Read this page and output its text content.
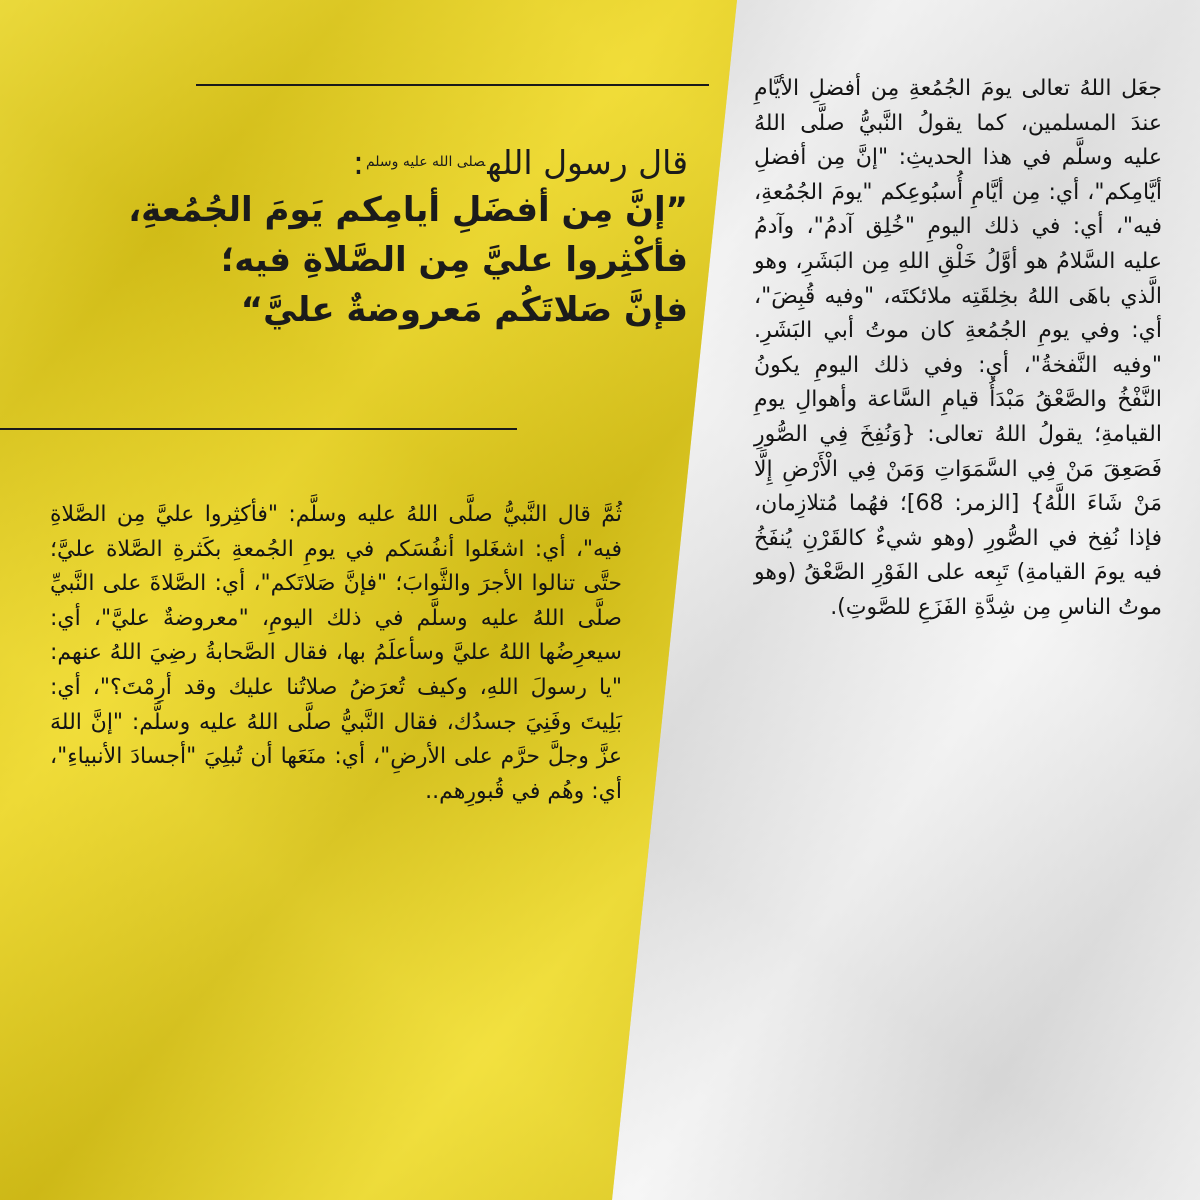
قال رسول الله$^{صلى الله عليه وسلم}$:

”إنَّ مِن أفضَلِ أيامِكم يَومَ الجُمُعةِ،

فأكْثِروا عليَّ مِن الصَّلاةِ فيه؛

فإنَّ صَلاتَكُم مَعروضةٌ عليَّ“

جعَل اللهُ تعالى يومَ الجُمُعةِ مِن أفضلِ الأيَّامِ عندَ المسلمين، كما يقولُ النَّبيُّ صلَّى اللهُ عليه وسلَّم في هذا الحديثِ: "إنَّ مِن أفضلِ أيَّامِكم"، أي: مِن أيَّامِ أُسبُوعِكم "يومَ الجُمُعةِ، فيه"، أي: في ذلك اليومِ "خُلِق آدمُ"، وآدمُ عليه السَّلامُ هو أوَّلُ خَلْقِ اللهِ مِن البَشَرِ، وهو الَّذي باهَى اللهُ بخِلقَتِه ملائكتَه، "وفيه قُبِضَ"، أي: وفي يومِ الجُمُعةِ كان موتُ أبي البَشَرِ. "وفيه النَّفخةُ"، أي: وفي ذلك اليومِ يكونُ النَّفْخُ والصَّعْقُ مَبْدَأُ قيامِ السَّاعة وأهوالِ يومِ القيامةِ؛ يقولُ اللهُ تعالى: {وَنُفِخَ فِي الصُّورِ فَصَعِقَ مَنْ فِي السَّمَوَاتِ وَمَنْ فِي الْأَرْضِ إِلَّا مَنْ شَاءَ اللَّهُ} [الزمر: 68]؛ فهُما مُتلازِمان، فإذا نُفِخ في الصُّورِ (وهو شيءٌ كالقَرْنِ يُنفَخُ فيه يومَ القيامةِ) تَبِعه على الفَوْرِ الصَّعْقُ (وهو موتُ الناسِ مِن شِدَّةِ الفَزَعِ للصَّوتِ).

ثُمَّ قال النَّبيُّ صلَّى اللهُ عليه وسلَّم: "فأكثِروا عليَّ مِن الصَّلاةِ فيه"، أي: اشغَلوا أنفُسَكم في يومِ الجُمعةِ بكَثرةِ الصَّلاة عليَّ؛ حتَّى تنالوا الأجرَ والثَّوابَ؛ "فإنَّ صَلاتَكم"، أي: الصَّلاةَ على النَّبيِّ صلَّى اللهُ عليه وسلَّم في ذلك اليومِ، "معروضةٌ عليَّ"، أي: سيعرِضُها اللهُ عليَّ وسأعلَمُ بها، فقال الصَّحابةُ رضِيَ اللهُ عنهم: "يا رسولَ اللهِ، وكيف تُعرَضُ صلاتُنا عليك وقد أرِمْتَ؟"، أي: بَلِيتَ وفَنِيَ جسدُك، فقال النَّبيُّ صلَّى اللهُ عليه وسلَّم: "إنَّ اللهَ عزَّ وجلَّ حرَّم على الأرضِ"، أي: منَعَها أن تُبلِيَ "أجسادَ الأنبياءِ"، أي: وهُم في قُبورِهم..
